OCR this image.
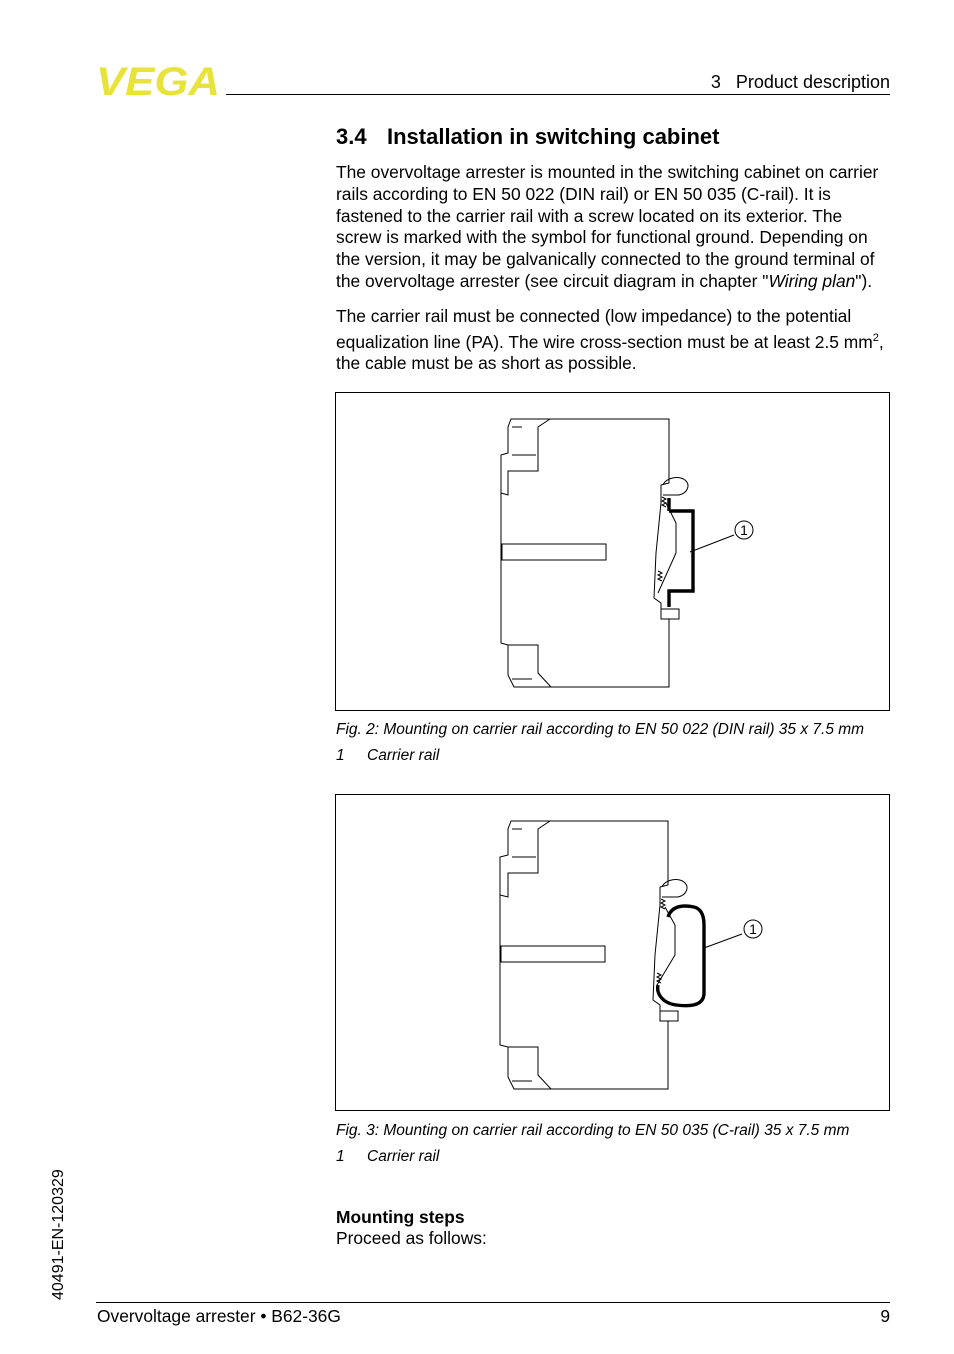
VEGA	3   Product description
3.4 Installation in switching cabinet

The overvoltage arrester is mounted in the switching cabinet on carrier rails according to EN 50 022 (DIN rail) or EN 50 035 (C-rail). It is fastened to the carrier rail with a screw located on its exterior. The screw is marked with the symbol for functional ground. Depending on the version, it may be galvanically connected to the ground terminal of the overvoltage arrester (see circuit diagram in chapter "Wiring plan").

The carrier rail must be connected (low impedance) to the potential equalization line (PA). The wire cross-section must be at least 2.5 $mm^2$, the cable must be as short as possible.

1
Fig. 2: Mounting on carrier rail according to EN 50 022 (DIN rail) 35 x 7.5 mm
1 Carrier rail
1
Fig. 3: Mounting on carrier rail according to EN 50 035 (C-rail) 35 x 7.5 mm
1 Carrier rail
Mounting steps
Proceed as follows:
40491-EN-120329
Overvoltage arrester • B62-36G	9
